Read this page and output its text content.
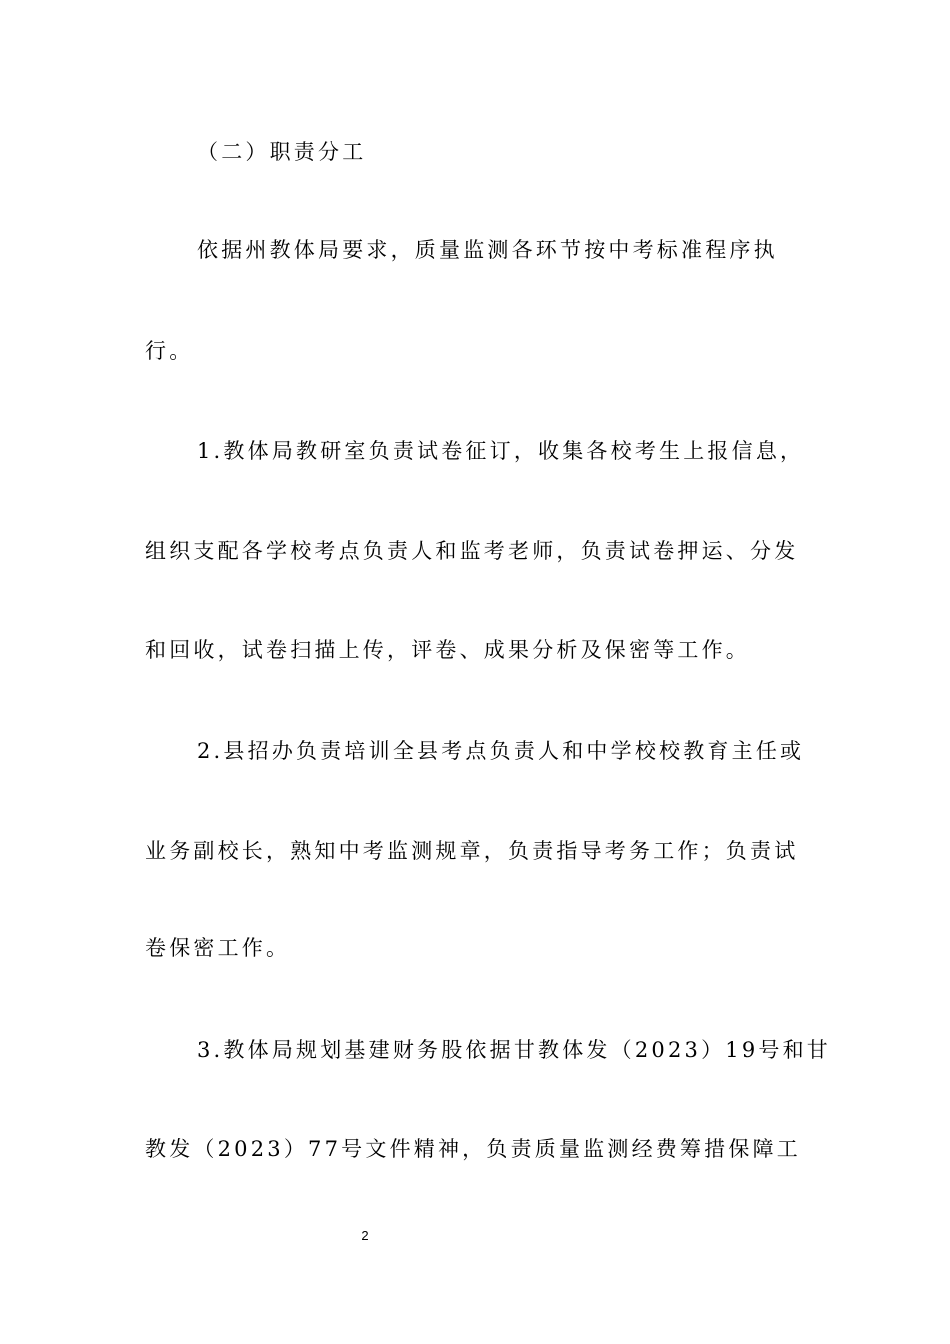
（二）职责分工
依据州教体局要求，质量监测各环节按中考标准程序执
行。
1.教体局教研室负责试卷征订，收集各校考生上报信息，
组织支配各学校考点负责人和监考老师，负责试卷押运、分发
和回收，试卷扫描上传，评卷、成果分析及保密等工作。
2.县招办负责培训全县考点负责人和中学校校教育主任或
业务副校长，熟知中考监测规章，负责指导考务工作；负责试
卷保密工作。
3.教体局规划基建财务股依据甘教体发（2023）19号和甘
教发（2023）77号文件精神，负责质量监测经费筹措保障工
2
